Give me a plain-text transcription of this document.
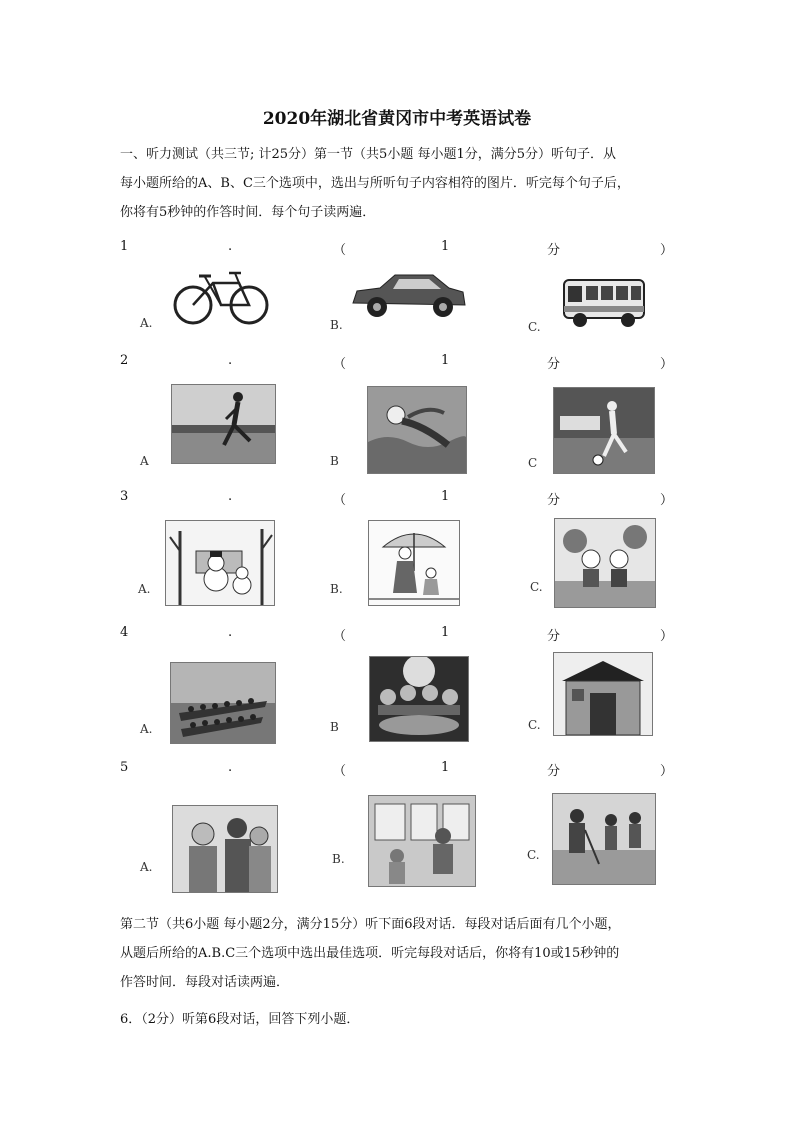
2020年湖北省黄冈市中考英语试卷
一、听力测试（共三节; 计25分）第一节（共5小题 每小题1分，满分5分）听句子．从
每小题所给的A、B、C三个选项中，选出与所听句子内容相符的图片．听完每个句子后，
你将有5秒钟的作答时间．每个句子读两遍．
1	.	（	1	分	）
A.	B.	C.
2	.	（	1	分	）
A	B	C
3	.	（	1	分	）
A.	B.	C.
4	.	（	1	分	）
A.	B	C.
5	.	（	1	分	）
A.
B.	C.
第二节（共6小题 每小题2分，满分15分）听下面6段对话．每段对话后面有几个小题，
从题后所给的A.B.C三个选项中选出最佳选项．听完每段对话后，你将有10或15秒钟的
作答时间．每段对话读两遍．
6．（2分）听第6段对话，回答下列小题．
